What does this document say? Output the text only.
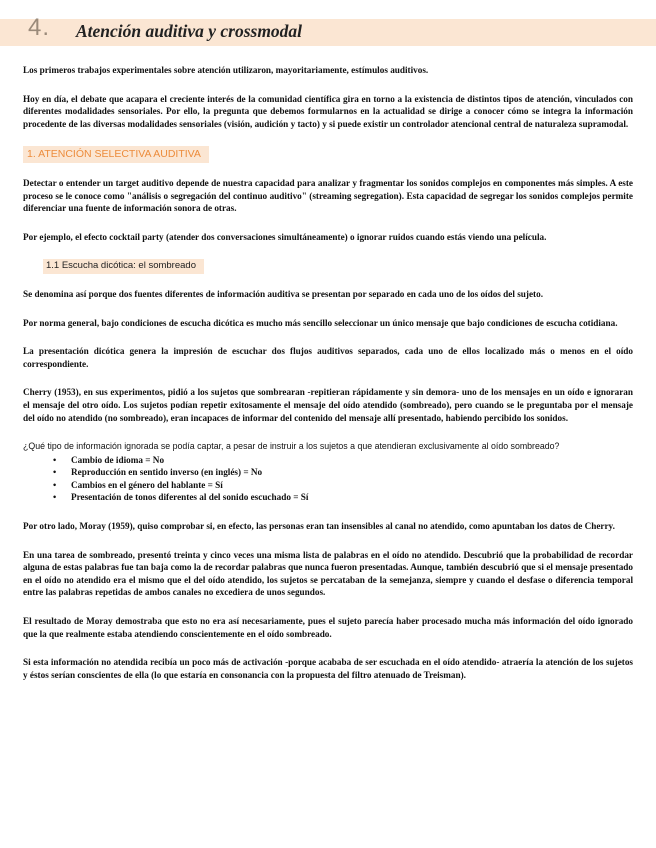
4. Atención auditiva y crossmodal

Los primeros trabajos experimentales sobre atención utilizaron, mayoritariamente, estímulos auditivos.

Hoy en día, el debate que acapara el creciente interés de la comunidad científica gira en torno a la existencia de distintos tipos de atención, vinculados con diferentes modalidades sensoriales. Por ello, la pregunta que debemos formularnos en la actualidad se dirige a conocer cómo se integra la información procedente de las diversas modalidades sensoriales (visión, audición y tacto) y si puede existir un controlador atencional central de naturaleza supramodal.

1. ATENCIÓN SELECTIVA AUDITIVA

Detectar o entender un target auditivo depende de nuestra capacidad para analizar y fragmentar los sonidos complejos en componentes más simples. A este proceso se le conoce como "análisis o segregación del continuo auditivo" (streaming segregation). Esta capacidad de segregar los sonidos complejos permite diferenciar una fuente de información sonora de otras.

Por ejemplo, el efecto cocktail party (atender dos conversaciones simultáneamente) o ignorar ruidos cuando estás viendo una película.

1.1 Escucha dicótica: el sombreado

Se denomina así porque dos fuentes diferentes de información auditiva se presentan por separado en cada uno de los oídos del sujeto.

Por norma general, bajo condiciones de escucha dicótica es mucho más sencillo seleccionar un único mensaje que bajo condiciones de escucha cotidiana.

La presentación dicótica genera la impresión de escuchar dos flujos auditivos separados, cada uno de ellos localizado más o menos en el oído correspondiente.

Cherry (1953), en sus experimentos, pidió a los sujetos que sombrearan -repitieran rápidamente y sin demora- uno de los mensajes en un oído e ignoraran el mensaje del otro oído. Los sujetos podían repetir exitosamente el mensaje del oído atendido (sombreado), pero cuando se le preguntaba por el mensaje del oído no atendido (no sombreado), eran incapaces de informar del contenido del mensaje allí presentado, habiendo percibido los sonidos.

¿Qué tipo de información ignorada se podía captar, a pesar de instruir a los sujetos a que atendieran exclusivamente al oído sombreado?

• Cambio de idioma = No
• Reproducción en sentido inverso (en inglés) = No
• Cambios en el género del hablante = Sí
• Presentación de tonos diferentes al del sonido escuchado = Sí

Por otro lado, Moray (1959), quiso comprobar si, en efecto, las personas eran tan insensibles al canal no atendido, como apuntaban los datos de Cherry.

En una tarea de sombreado, presentó treinta y cinco veces una misma lista de palabras en el oído no atendido. Descubrió que la probabilidad de recordar alguna de estas palabras fue tan baja como la de recordar palabras que nunca fueron presentadas. Aunque, también descubrió que si el mensaje presentado en el oído no atendido era el mismo que el del oído atendido, los sujetos se percataban de la semejanza, siempre y cuando el desfase o diferencia temporal entre las palabras repetidas de ambos canales no excediera de unos segundos.

El resultado de Moray demostraba que esto no era así necesariamente, pues el sujeto parecía haber procesado mucha más información del oído ignorado que la que realmente estaba atendiendo conscientemente en el oído sombreado.

Si esta información no atendida recibía un poco más de activación -porque acababa de ser escuchada en el oído atendido- atraería la atención de los sujetos y éstos serían conscientes de ella (lo que estaría en consonancia con la propuesta del filtro atenuado de Treisman).
